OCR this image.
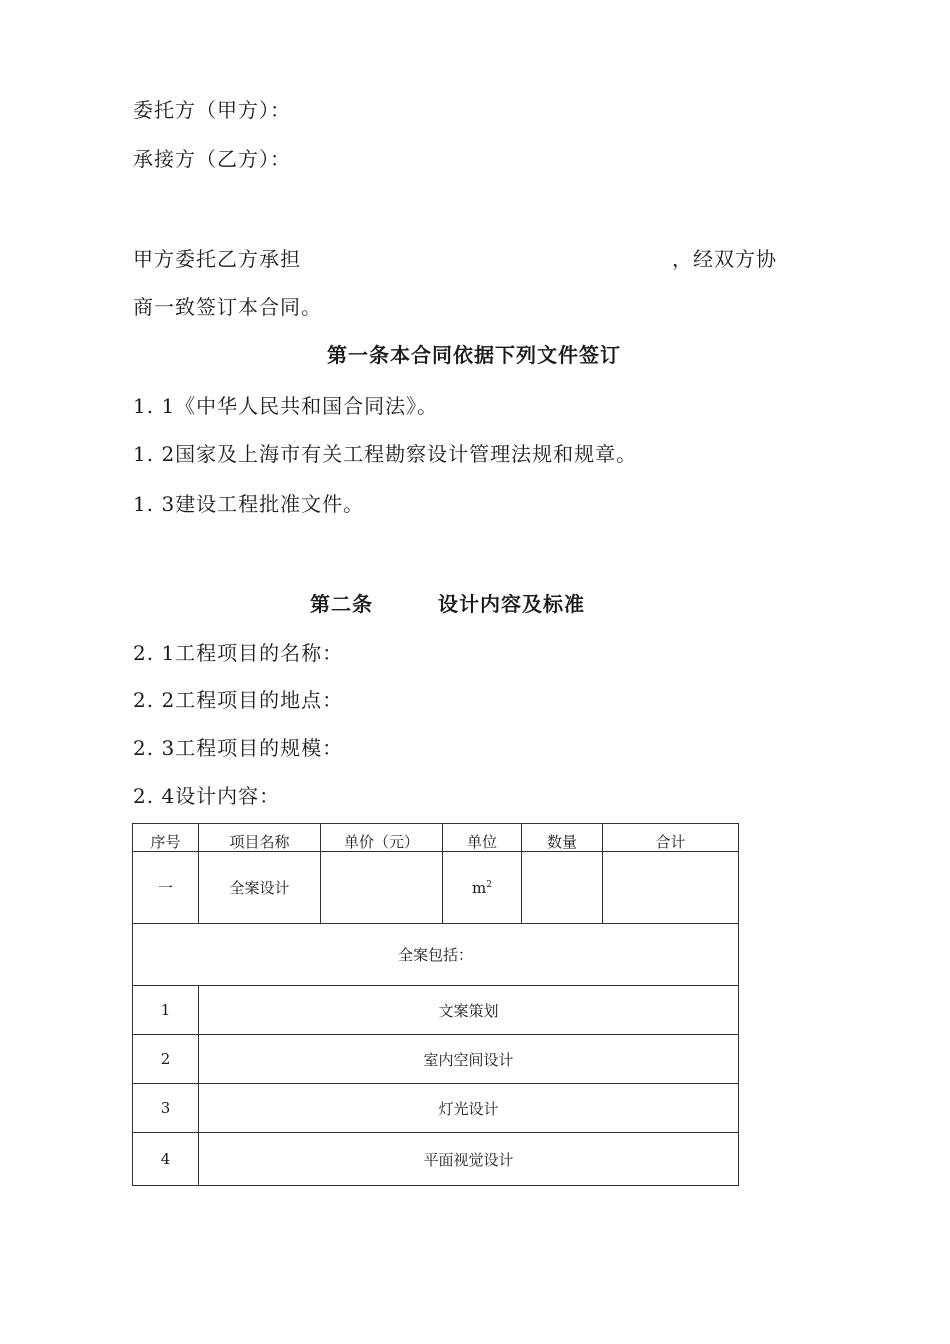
委托方（甲方）：
承接方（乙方）：
甲方委托乙方承担	，经双方协
商一致签订本合同。
第一条本合同依据下列文件签订
1. 1《中华人民共和国合同法》。
1. 2国家及上海市有关工程勘察设计管理法规和规章。
1. 3建设工程批准文件。
第二条	设计内容及标准
2. 1工程项目的名称：
2. 2工程项目的地点：
2. 3工程项目的规模：
2. 4设计内容：
序号	项目名称	单价（元）	单位	数量	合计
一	全案设计		$m^2$		
全案包括：					
1	文案策划				
2	室内空间设计				
3	灯光设计				
4	平面视觉设计				
